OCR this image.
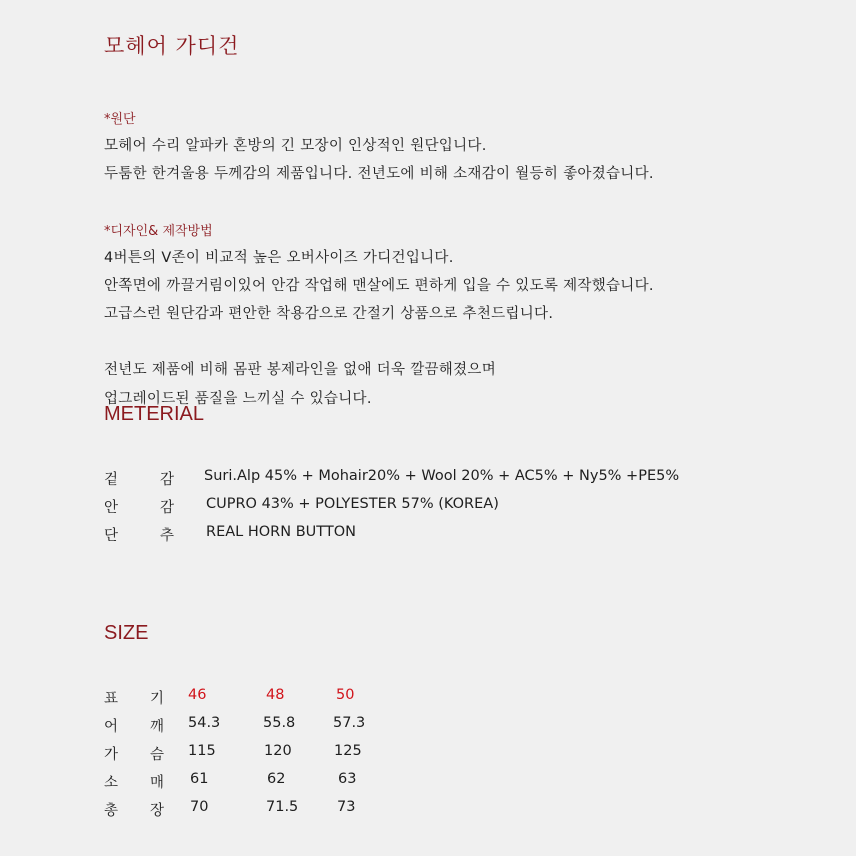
모헤어 가디건
*원단
모헤어 수리 알파카 혼방의 긴 모장이 인상적인 원단입니다.
두툼한 한겨울용 두께감의 제품입니다. 전년도에 비해 소재감이 월등히 좋아졌습니다.
*디자인& 제작방법
4버튼의 V존이 비교적 높은 오버사이즈 가디건입니다.
안쪽면에 까끌거림이있어 안감 작업해 맨살에도 편하게 입을 수 있도록 제작했습니다.
고급스런 원단감과 편안한 착용감으로 간절기 상품으로 추천드립니다.
전년도 제품에 비해 몸판 봉제라인을 없애 더욱 깔끔해졌으며
업그레이드된 품질을 느끼실 수 있습니다.
METERIAL
겉	감 Suri.Alp 45% + Mohair20% + Wool 20% + AC5% + Ny5% +PE5%
안	감 CUPRO 43% + POLYESTER 57% (KOREA)
단	추 REAL HORN BUTTON
SIZE
표 기 46	48	50
어 깨 54.3	55.8	57.3
가 슴 115	120	125
소 매 61	62	63
총 장 70	71.5	73
